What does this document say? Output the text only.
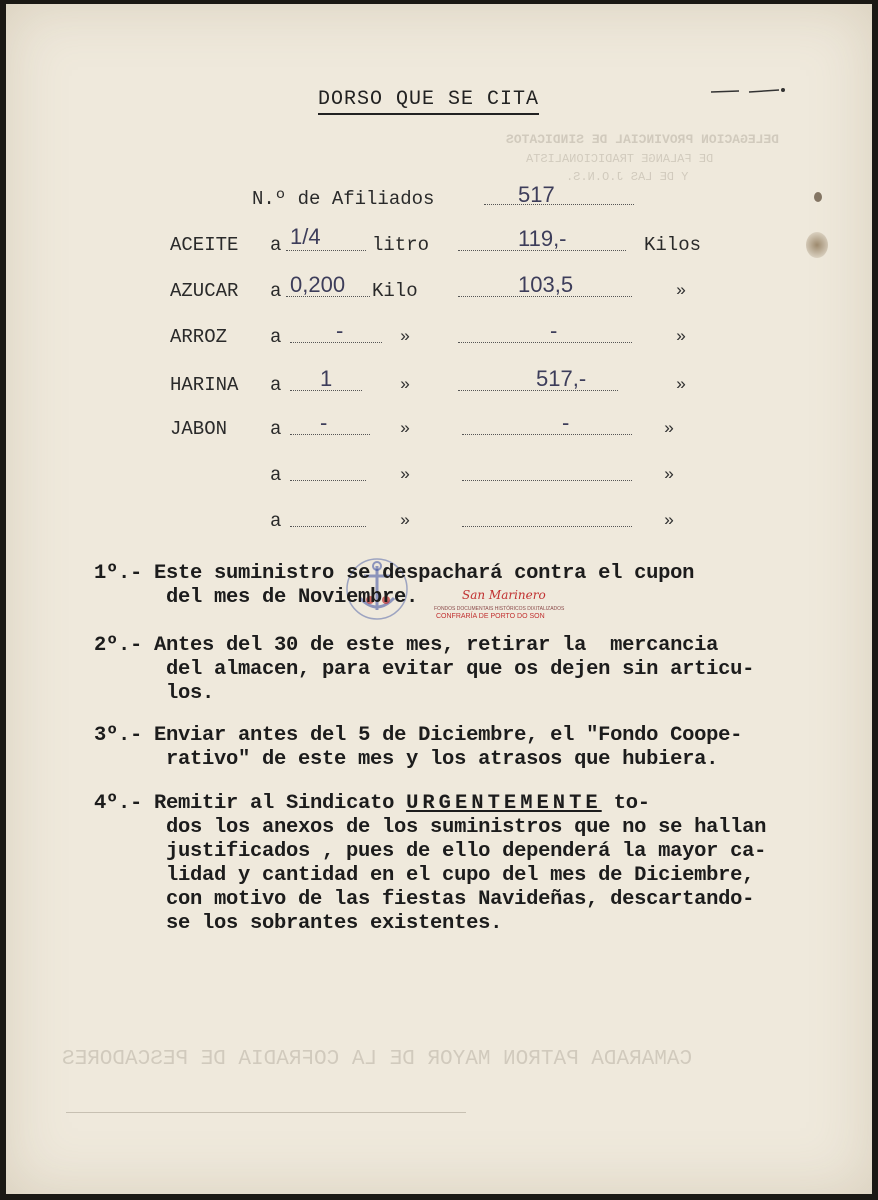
DELEGACION PROVINCIAL DE SINDICATOS
DE FALANGE TRADICIONALISTA
Y DE LAS J.O.N.S.
CAMARADA PATRON MAYOR DE LA COFRADIA DE PESCADORES
DORSO QUE SE CITA
N.º de Afiliados	517
ACEITE a 1/4	litro	119,-	Kilos
AZUCAR a 0,200 Kilo	103,5	»
ARROZ a -	»	-	»
HARINA a 1	»	517,-	»
JABON a -	»	-	»
a	»	»
a	»	»
San Marinero
FONDOS DOCUMENTAIS HISTÓRICOS DIXITALIZADOS
CONFRARÍA DE PORTO DO SON
1º.- Este suministro se despachará contra el cupon
del mes de Noviembre.
2º.- Antes del 30 de este mes, retirar la  mercancia
del almacen, para evitar que os dejen sin articu-
los.
3º.- Enviar antes del 5 de Diciembre, el "Fondo Coope-
rativo" de este mes y los atrasos que hubiera.
4º.- Remitir al Sindicato URGENTEMENTE to-
dos los anexos de los suministros que no se hallan
justificados , pues de ello dependerá la mayor ca-
lidad y cantidad en el cupo del mes de Diciembre,
con motivo de las fiestas Navideñas, descartando-
se los sobrantes existentes.
